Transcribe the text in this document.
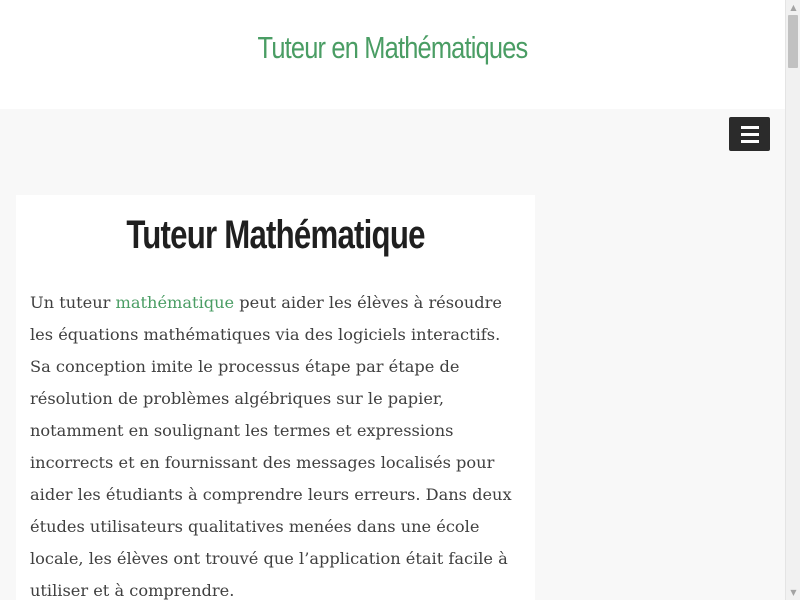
Tuteur en Mathématiques
Tuteur Mathématique

Un tuteur mathématique peut aider les élèves à résoudre les équations mathématiques via des logiciels interactifs. Sa conception imite le processus étape par étape de résolution de problèmes algébriques sur le papier, notamment en soulignant les termes et expressions incorrects et en fournissant des messages localisés pour aider les étudiants à comprendre leurs erreurs. Dans deux études utilisateurs qualitatives menées dans une école locale, les élèves ont trouvé que l’application était facile à utiliser et à comprendre.

▲
▼
